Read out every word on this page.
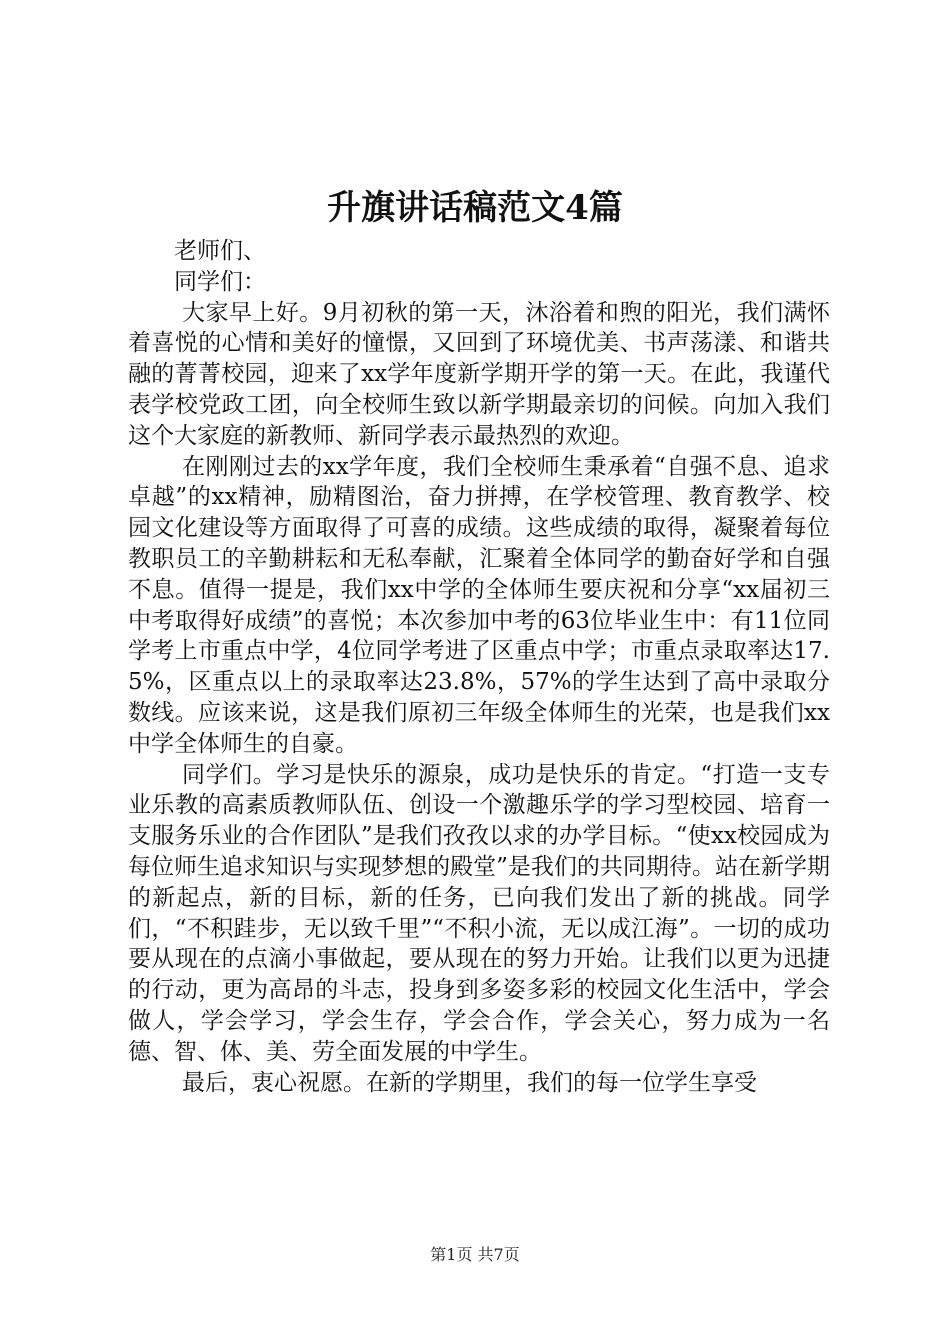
升旗讲话稿范文4篇

老师们、

同学们：

大家早上好。9月初秋的第一天，沐浴着和煦的阳光，我们满怀着喜悦的心情和美好的憧憬，又回到了环境优美、书声荡漾、和谐共融的菁菁校园，迎来了xx学年度新学期开学的第一天。在此，我谨代表学校党政工团，向全校师生致以新学期最亲切的问候。向加入我们这个大家庭的新教师、新同学表示最热烈的欢迎。

在刚刚过去的xx学年度，我们全校师生秉承着“自强不息、追求卓越”的xx精神，励精图治，奋力拼搏，在学校管理、教育教学、校园文化建设等方面取得了可喜的成绩。这些成绩的取得，凝聚着每位教职员工的辛勤耕耘和无私奉献，汇聚着全体同学的勤奋好学和自强不息。值得一提是，我们xx中学的全体师生要庆祝和分享“xx届初三中考取得好成绩”的喜悦；本次参加中考的63位毕业生中：有11位同学考上市重点中学，4位同学考进了区重点中学；市重点录取率达17.5%，区重点以上的录取率达23.8%，57%的学生达到了高中录取分数线。应该来说，这是我们原初三年级全体师生的光荣，也是我们xx中学全体师生的自豪。

同学们。学习是快乐的源泉，成功是快乐的肯定。“打造一支专业乐教的高素质教师队伍、创设一个激趣乐学的学习型校园、培育一支服务乐业的合作团队”是我们孜孜以求的办学目标。“使xx校园成为每位师生追求知识与实现梦想的殿堂”是我们的共同期待。站在新学期的新起点，新的目标，新的任务，已向我们发出了新的挑战。同学们，“不积跬步，无以致千里”“不积小流，无以成江海”。一切的成功要从现在的点滴小事做起，要从现在的努力开始。让我们以更为迅捷的行动，更为高昂的斗志，投身到多姿多彩的校园文化生活中，学会做人，学会学习，学会生存，学会合作，学会关心，努力成为一名德、智、体、美、劳全面发展的中学生。

最后，衷心祝愿。在新的学期里，我们的每一位学生享受

第1页 共7页
